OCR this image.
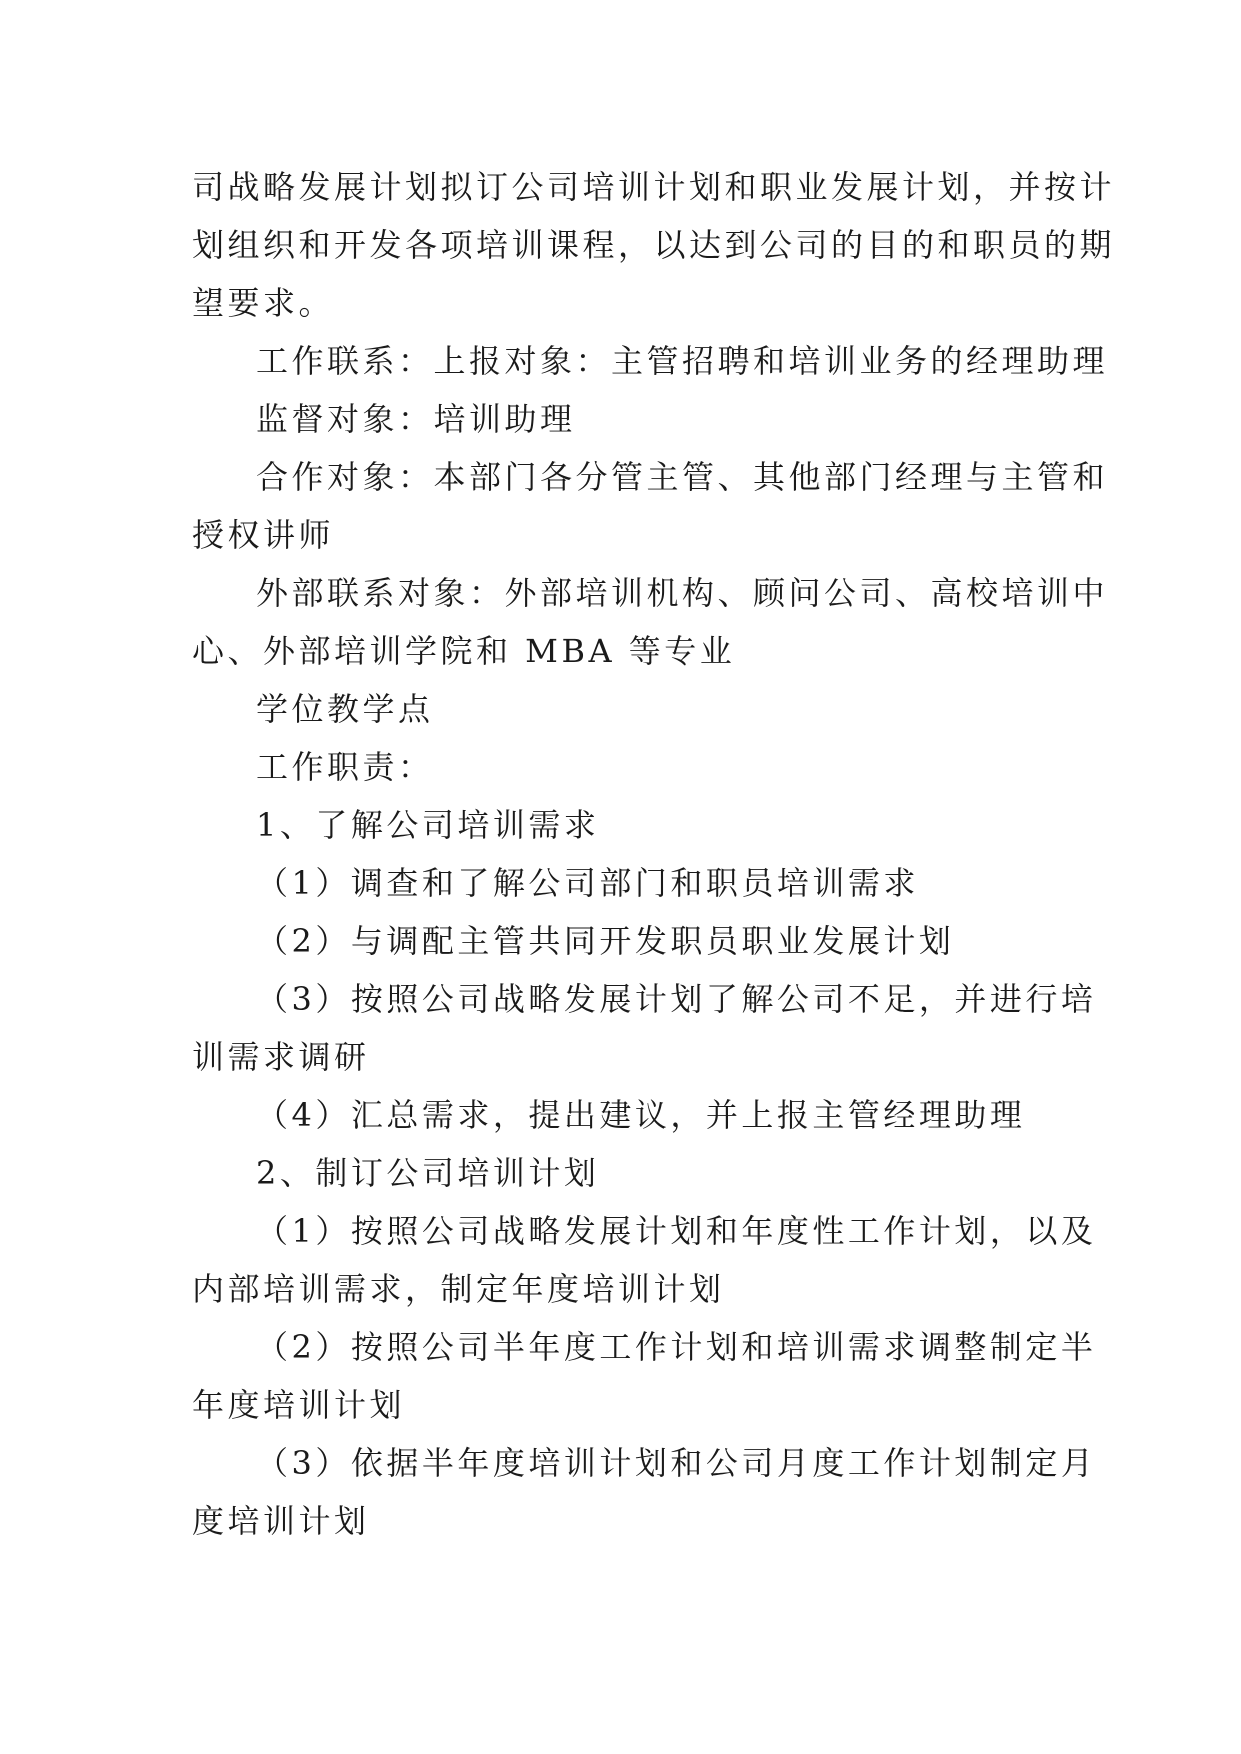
司战略发展计划拟订公司培训计划和职业发展计划，并按计
划组织和开发各项培训课程，以达到公司的目的和职员的期
望要求。
工作联系：上报对象：主管招聘和培训业务的经理助理
监督对象：培训助理
合作对象：本部门各分管主管、其他部门经理与主管和
授权讲师
外部联系对象：外部培训机构、顾问公司、高校培训中
心、外部培训学院和 MBA 等专业
学位教学点
工作职责：
1、了解公司培训需求
（1）调查和了解公司部门和职员培训需求
（2）与调配主管共同开发职员职业发展计划
（3）按照公司战略发展计划了解公司不足，并进行培
训需求调研
（4）汇总需求，提出建议，并上报主管经理助理
2、制订公司培训计划
（1）按照公司战略发展计划和年度性工作计划，以及
内部培训需求，制定年度培训计划
（2）按照公司半年度工作计划和培训需求调整制定半
年度培训计划
（3）依据半年度培训计划和公司月度工作计划制定月
度培训计划
